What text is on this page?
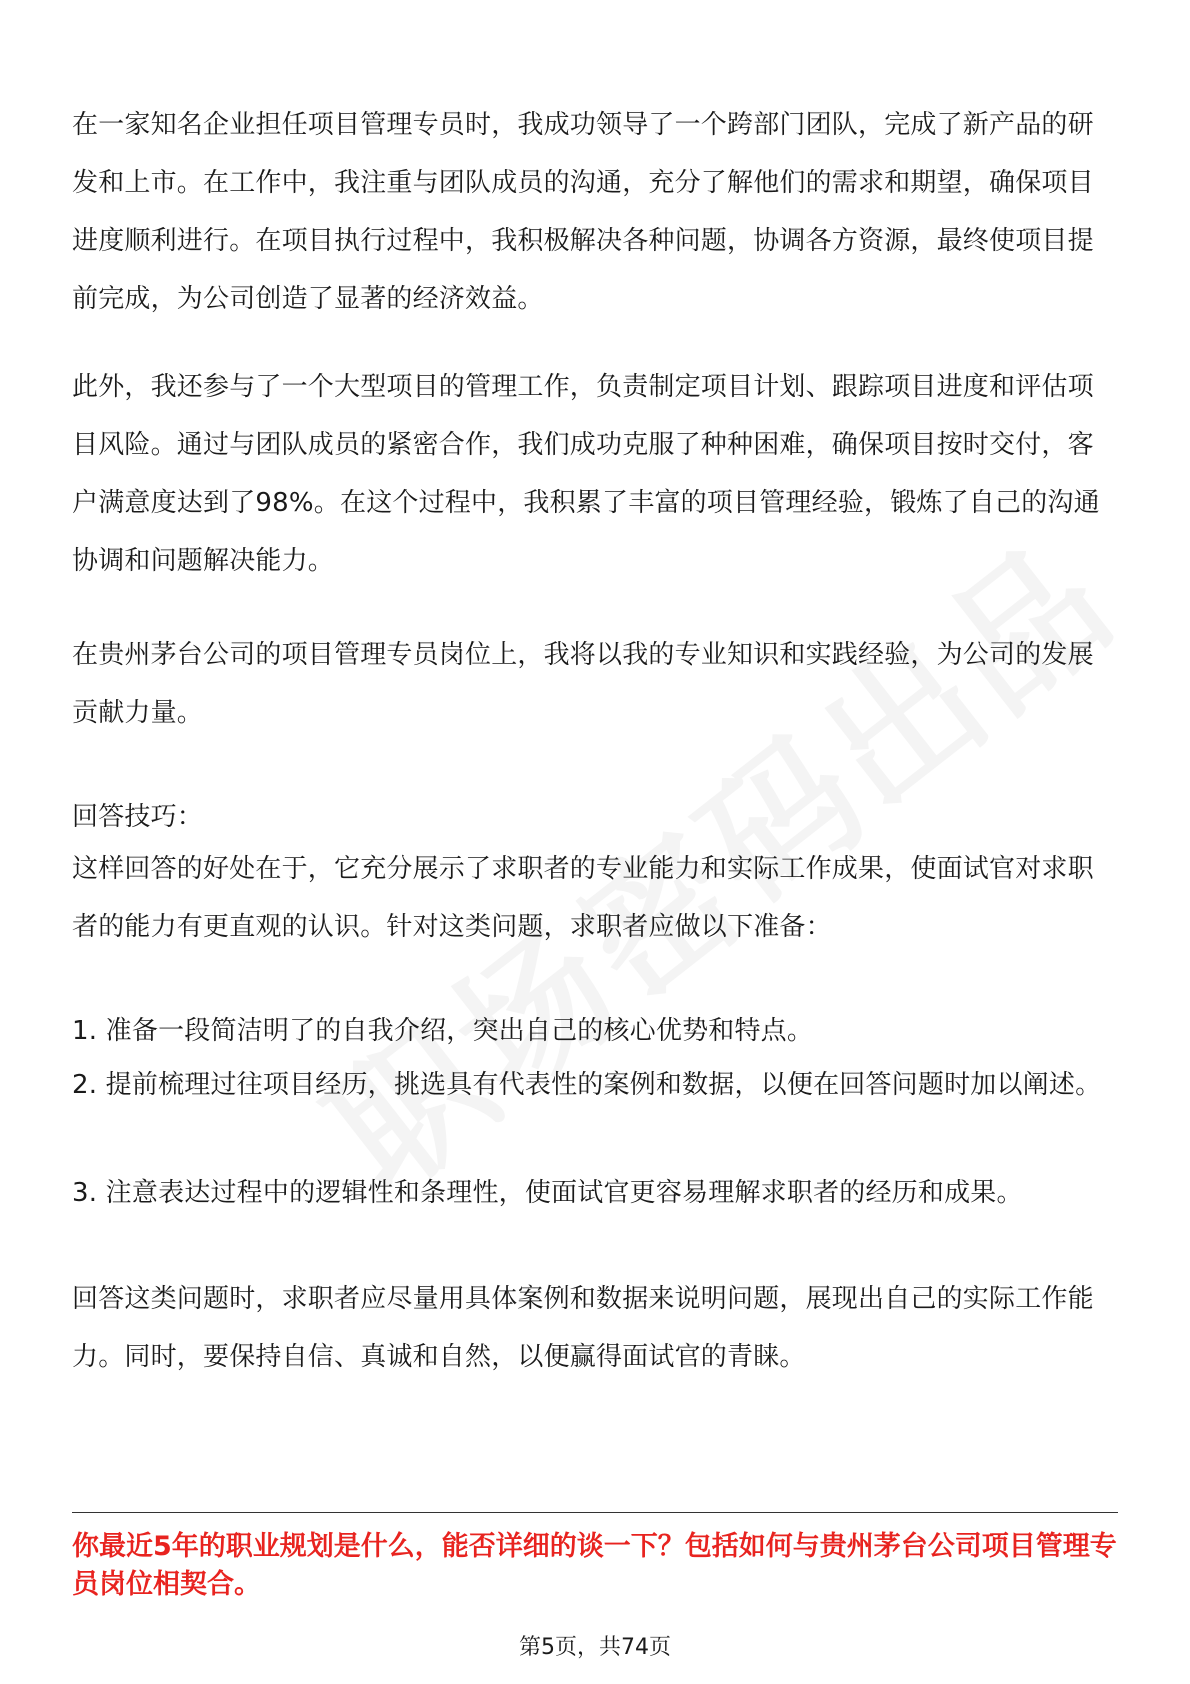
在一家知名企业担任项目管理专员时，我成功领导了一个跨部门团队，完成了新产品的研发和上市。在工作中，我注重与团队成员的沟通，充分了解他们的需求和期望，确保项目进度顺利进行。在项目执行过程中，我积极解决各种问题，协调各方资源，最终使项目提前完成，为公司创造了显著的经济效益。

此外，我还参与了一个大型项目的管理工作，负责制定项目计划、跟踪项目进度和评估项目风险。通过与团队成员的紧密合作，我们成功克服了种种困难，确保项目按时交付，客户满意度达到了98%。在这个过程中，我积累了丰富的项目管理经验，锻炼了自己的沟通协调和问题解决能力。

在贵州茅台公司的项目管理专员岗位上，我将以我的专业知识和实践经验，为公司的发展贡献力量。

回答技巧：

这样回答的好处在于，它充分展示了求职者的专业能力和实际工作成果，使面试官对求职者的能力有更直观的认识。针对这类问题，求职者应做以下准备：

1. 准备一段简洁明了的自我介绍，突出自己的核心优势和特点。

2. 提前梳理过往项目经历，挑选具有代表性的案例和数据，以便在回答问题时加以阐述。

3. 注意表达过程中的逻辑性和条理性，使面试官更容易理解求职者的经历和成果。

回答这类问题时，求职者应尽量用具体案例和数据来说明问题，展现出自己的实际工作能力。同时，要保持自信、真诚和自然，以便赢得面试官的青睐。

你最近5年的职业规划是什么，能否详细的谈一下？包括如何与贵州茅台公司项目管理专员岗位相契合。

第5页，共74页
